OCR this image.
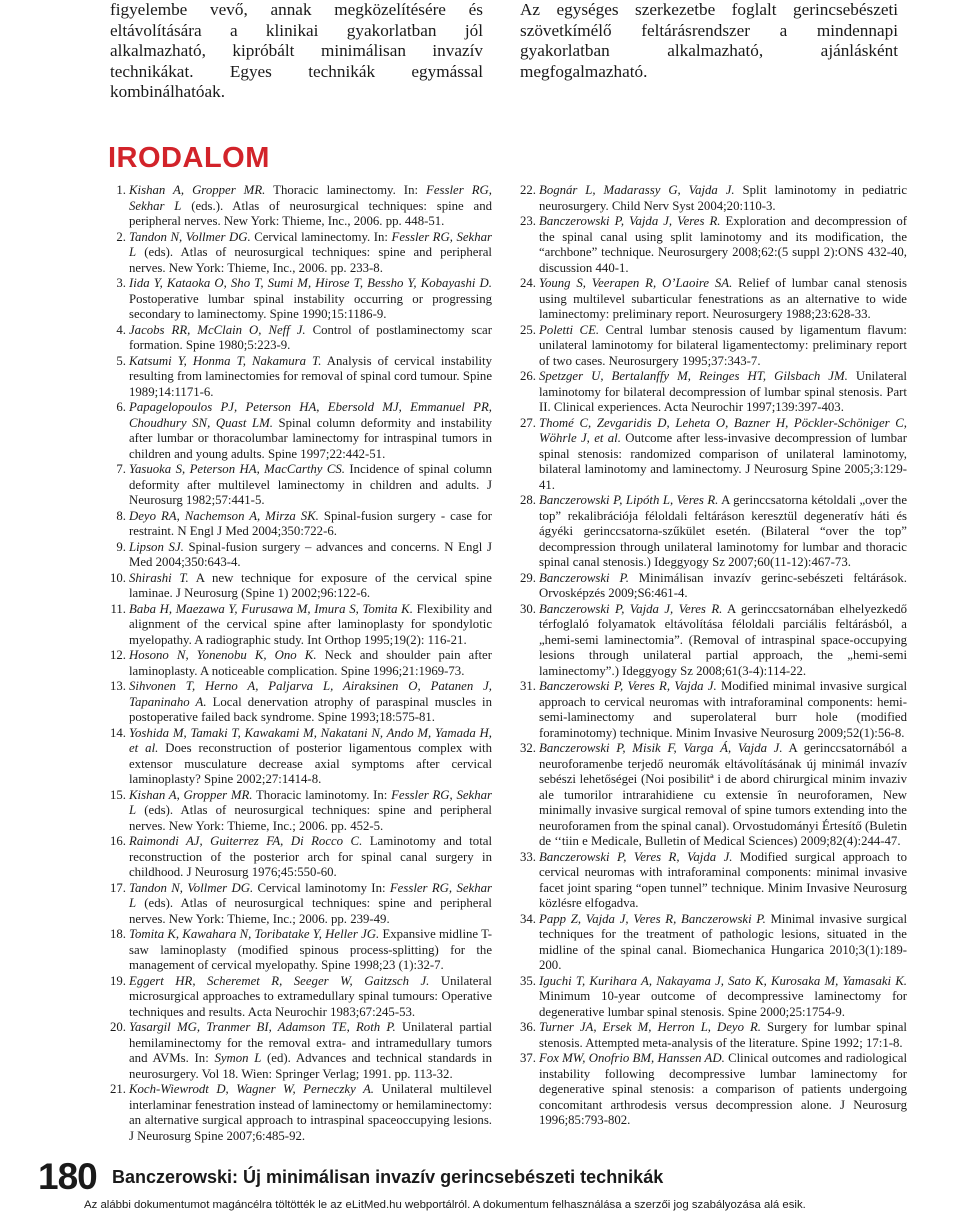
figyelembe vevő, annak megközelítésére és eltávolítására a klinikai gyakorlatban jól alkalmazható, kipróbált minimálisan invazív technikákat. Egyes technikák egymással kombinálhatóak.
Az egységes szerkezetbe foglalt gerincsebészeti szövetkímélő feltárásrendszer a mindennapi gyakorlatban alkalmazható, ajánlásként megfogalmazható.
IRODALOM
1. Kishan A, Gropper MR. Thoracic laminectomy. In: Fessler RG, Sekhar L (eds.). Atlas of neurosurgical techniques: spine and peripheral nerves. New York: Thieme, Inc., 2006. pp. 448-51.
2. Tandon N, Vollmer DG. Cervical laminectomy. In: Fessler RG, Sekhar L (eds). Atlas of neurosurgical techniques: spine and peripheral nerves. New York: Thieme, Inc., 2006. pp. 233-8.
3. Iida Y, Kataoka O, Sho T, Sumi M, Hirose T, Bessho Y, Kobayashi D. Postoperative lumbar spinal instability occurring or progressing secondary to laminectomy. Spine 1990;15:1186-9.
4. Jacobs RR, McClain O, Neff J. Control of postlaminectomy scar formation. Spine 1980;5:223-9.
5. Katsumi Y, Honma T, Nakamura T. Analysis of cervical instability resulting from laminectomies for removal of spinal cord tumour. Spine 1989;14:1171-6.
6. Papagelopoulos PJ, Peterson HA, Ebersold MJ, Emmanuel PR, Choudhury SN, Quast LM. Spinal column deformity and instability after lumbar or thoracolumbar laminectomy for intraspinal tumors in children and young adults. Spine 1997;22:442-51.
7. Yasuoka S, Peterson HA, MacCarthy CS. Incidence of spinal column deformity after multilevel laminectomy in children and adults. J Neurosurg 1982;57:441-5.
8. Deyo RA, Nachemson A, Mirza SK. Spinal-fusion surgery - case for restraint. N Engl J Med 2004;350:722-6.
9. Lipson SJ. Spinal-fusion surgery – advances and concerns. N Engl J Med 2004;350:643-4.
10. Shirashi T. A new technique for exposure of the cervical spine laminae. J Neurosurg (Spine 1) 2002;96:122-6.
11. Baba H, Maezawa Y, Furusawa M, Imura S, Tomita K. Flexibility and alignment of the cervical spine after laminoplasty for spondylotic myelopathy. A radiographic study. Int Orthop 1995;19(2): 116-21.
12. Hosono N, Yonenobu K, Ono K. Neck and shoulder pain after laminoplasty. A noticeable complication. Spine 1996;21:1969-73.
13. Sihvonen T, Herno A, Paljarva L, Airaksinen O, Patanen J, Tapaninaho A. Local denervation atrophy of paraspinal muscles in postoperative failed back syndrome. Spine 1993;18:575-81.
14. Yoshida M, Tamaki T, Kawakami M, Nakatani N, Ando M, Yamada H, et al. Does reconstruction of posterior ligamentous complex with extensor musculature decrease axial symptoms after cervical laminoplasty? Spine 2002;27:1414-8.
15. Kishan A, Gropper MR. Thoracic laminotomy. In: Fessler RG, Sekhar L (eds). Atlas of neurosurgical techniques: spine and peripheral nerves. New York: Thieme, Inc.; 2006. pp. 452-5.
16. Raimondi AJ, Guiterrez FA, Di Rocco C. Laminotomy and total reconstruction of the posterior arch for spinal canal surgery in childhood. J Neurosurg 1976;45:550-60.
17. Tandon N, Vollmer DG. Cervical laminotomy In: Fessler RG, Sekhar L (eds). Atlas of neurosurgical techniques: spine and peripheral nerves. New York: Thieme, Inc.; 2006. pp. 239-49.
18. Tomita K, Kawahara N, Toribatake Y, Heller JG. Expansive midline T-saw laminoplasty (modified spinous process-splitting) for the management of cervical myelopathy. Spine 1998;23 (1):32-7.
19. Eggert HR, Scheremet R, Seeger W, Gaitzsch J. Unilateral microsurgical approaches to extramedullary spinal tumours: Operative techniques and results. Acta Neurochir 1983;67:245-53.
20. Yasargil MG, Tranmer BI, Adamson TE, Roth P. Unilateral partial hemilaminectomy for the removal extra- and intramedullary tumors and AVMs. In: Symon L (ed). Advances and technical standards in neurosurgery. Vol 18. Wien: Springer Verlag; 1991. pp. 113-32.
21. Koch-Wiewrodt D, Wagner W, Perneczky A. Unilateral multilevel interlaminar fenestration instead of laminectomy or hemilaminectomy: an alternative surgical approach to intraspinal spaceoccupying lesions. J Neurosurg Spine 2007;6:485-92.
22. Bognár L, Madarassy G, Vajda J. Split laminotomy in pediatric neurosurgery. Child Nerv Syst 2004;20:110-3.
23. Banczerowski P, Vajda J, Veres R. Exploration and decompression of the spinal canal using split laminotomy and its modification, the “archbone” technique. Neurosurgery 2008;62:(5 suppl 2):ONS 432-40, discussion 440-1.
24. Young S, Veerapen R, O’Laoire SA. Relief of lumbar canal stenosis using multilevel subarticular fenestrations as an alternative to wide laminectomy: preliminary report. Neurosurgery 1988;23:628-33.
25. Poletti CE. Central lumbar stenosis caused by ligamentum flavum: unilateral laminotomy for bilateral ligamentectomy: preliminary report of two cases. Neurosurgery 1995;37:343-7.
26. Spetzger U, Bertalanffy M, Reinges HT, Gilsbach JM. Unilateral laminotomy for bilateral decompression of lumbar spinal stenosis. Part II. Clinical experiences. Acta Neurochir 1997;139:397-403.
27. Thomé C, Zevgaridis D, Leheta O, Bazner H, Pöckler-Schöniger C, Wöhrle J, et al. Outcome after less-invasive decompression of lumbar spinal stenosis: randomized comparison of unilateral laminotomy, bilateral laminotomy and laminectomy. J Neurosurg Spine 2005;3:129-41.
28. Banczerowski P, Lipóth L, Veres R. A gerinccsatorna kétoldali „over the top” rekalibrációja féloldali feltáráson keresztül degeneratív háti és ágyéki gerinccsatorna-szűkület esetén. (Bilateral “over the top” decompression through unilateral laminotomy for lumbar and thoracic spinal canal stenosis.) Ideggyogy Sz 2007;60(11-12):467-73.
29. Banczerowski P. Minimálisan invazív gerinc-sebészeti feltárások. Orvosképzés 2009;S6:461-4.
30. Banczerowski P, Vajda J, Veres R. A gerinccsatornában elhelyezkedő térfoglaló folyamatok eltávolítása féloldali parciális feltárásból, a „hemi-semi laminectomia”. (Removal of intraspinal space-occupying lesions through unilateral partial approach, the „hemi-semi laminectomy”.) Ideggyogy Sz 2008;61(3-4):114-22.
31. Banczerowski P, Veres R, Vajda J. Modified minimal invasive surgical approach to cervical neuromas with intraforaminal components: hemi-semi-laminectomy and superolateral burr hole (modified foraminotomy) technique. Minim Invasive Neurosurg 2009;52(1):56-8.
32. Banczerowski P, Misik F, Varga Á, Vajda J. A gerinccsatornából a neuroforamenbe terjedő neuromák eltávolításának új minimál invazív sebészi lehetőségei (Noi posibilitª i de abord chirurgical minim invaziv ale tumorilor intrarahidiene cu extensie în neuroforamen, New minimally invasive surgical removal of spine tumors extending into the neuroforamen from the spinal canal). Orvostudományi Értesítő (Buletin de ‘‘tiin e Medicale, Bulletin of Medical Sciences) 2009;82(4):244-47.
33. Banczerowski P, Veres R, Vajda J. Modified surgical approach to cervical neuromas with intraforaminal components: minimal invasive facet joint sparing “open tunnel” technique. Minim Invasive Neurosurg közlésre elfogadva.
34. Papp Z, Vajda J, Veres R, Banczerowski P. Minimal invasive surgical techniques for the treatment of pathologic lesions, situated in the midline of the spinal canal. Biomechanica Hungarica 2010;3(1):189-200.
35. Iguchi T, Kurihara A, Nakayama J, Sato K, Kurosaka M, Yamasaki K. Minimum 10-year outcome of decompressive laminectomy for degenerative lumbar spinal stenosis. Spine 2000;25:1754-9.
36. Turner JA, Ersek M, Herron L, Deyo R. Surgery for lumbar spinal stenosis. Attempted meta-analysis of the literature. Spine 1992; 17:1-8.
37. Fox MW, Onofrio BM, Hanssen AD. Clinical outcomes and radiological instability following decompressive lumbar laminectomy for degenerative spinal stenosis: a comparison of patients undergoing concomitant arthrodesis versus decompression alone. J Neurosurg 1996;85:793-802.
180 Banczerowski: Új minimálisan invazív gerincsebészeti technikák
Az alábbi dokumentumot magáncélra töltötték le az eLitMed.hu webportálról. A dokumentum felhasználása a szerzői jog szabályozása alá esik.
